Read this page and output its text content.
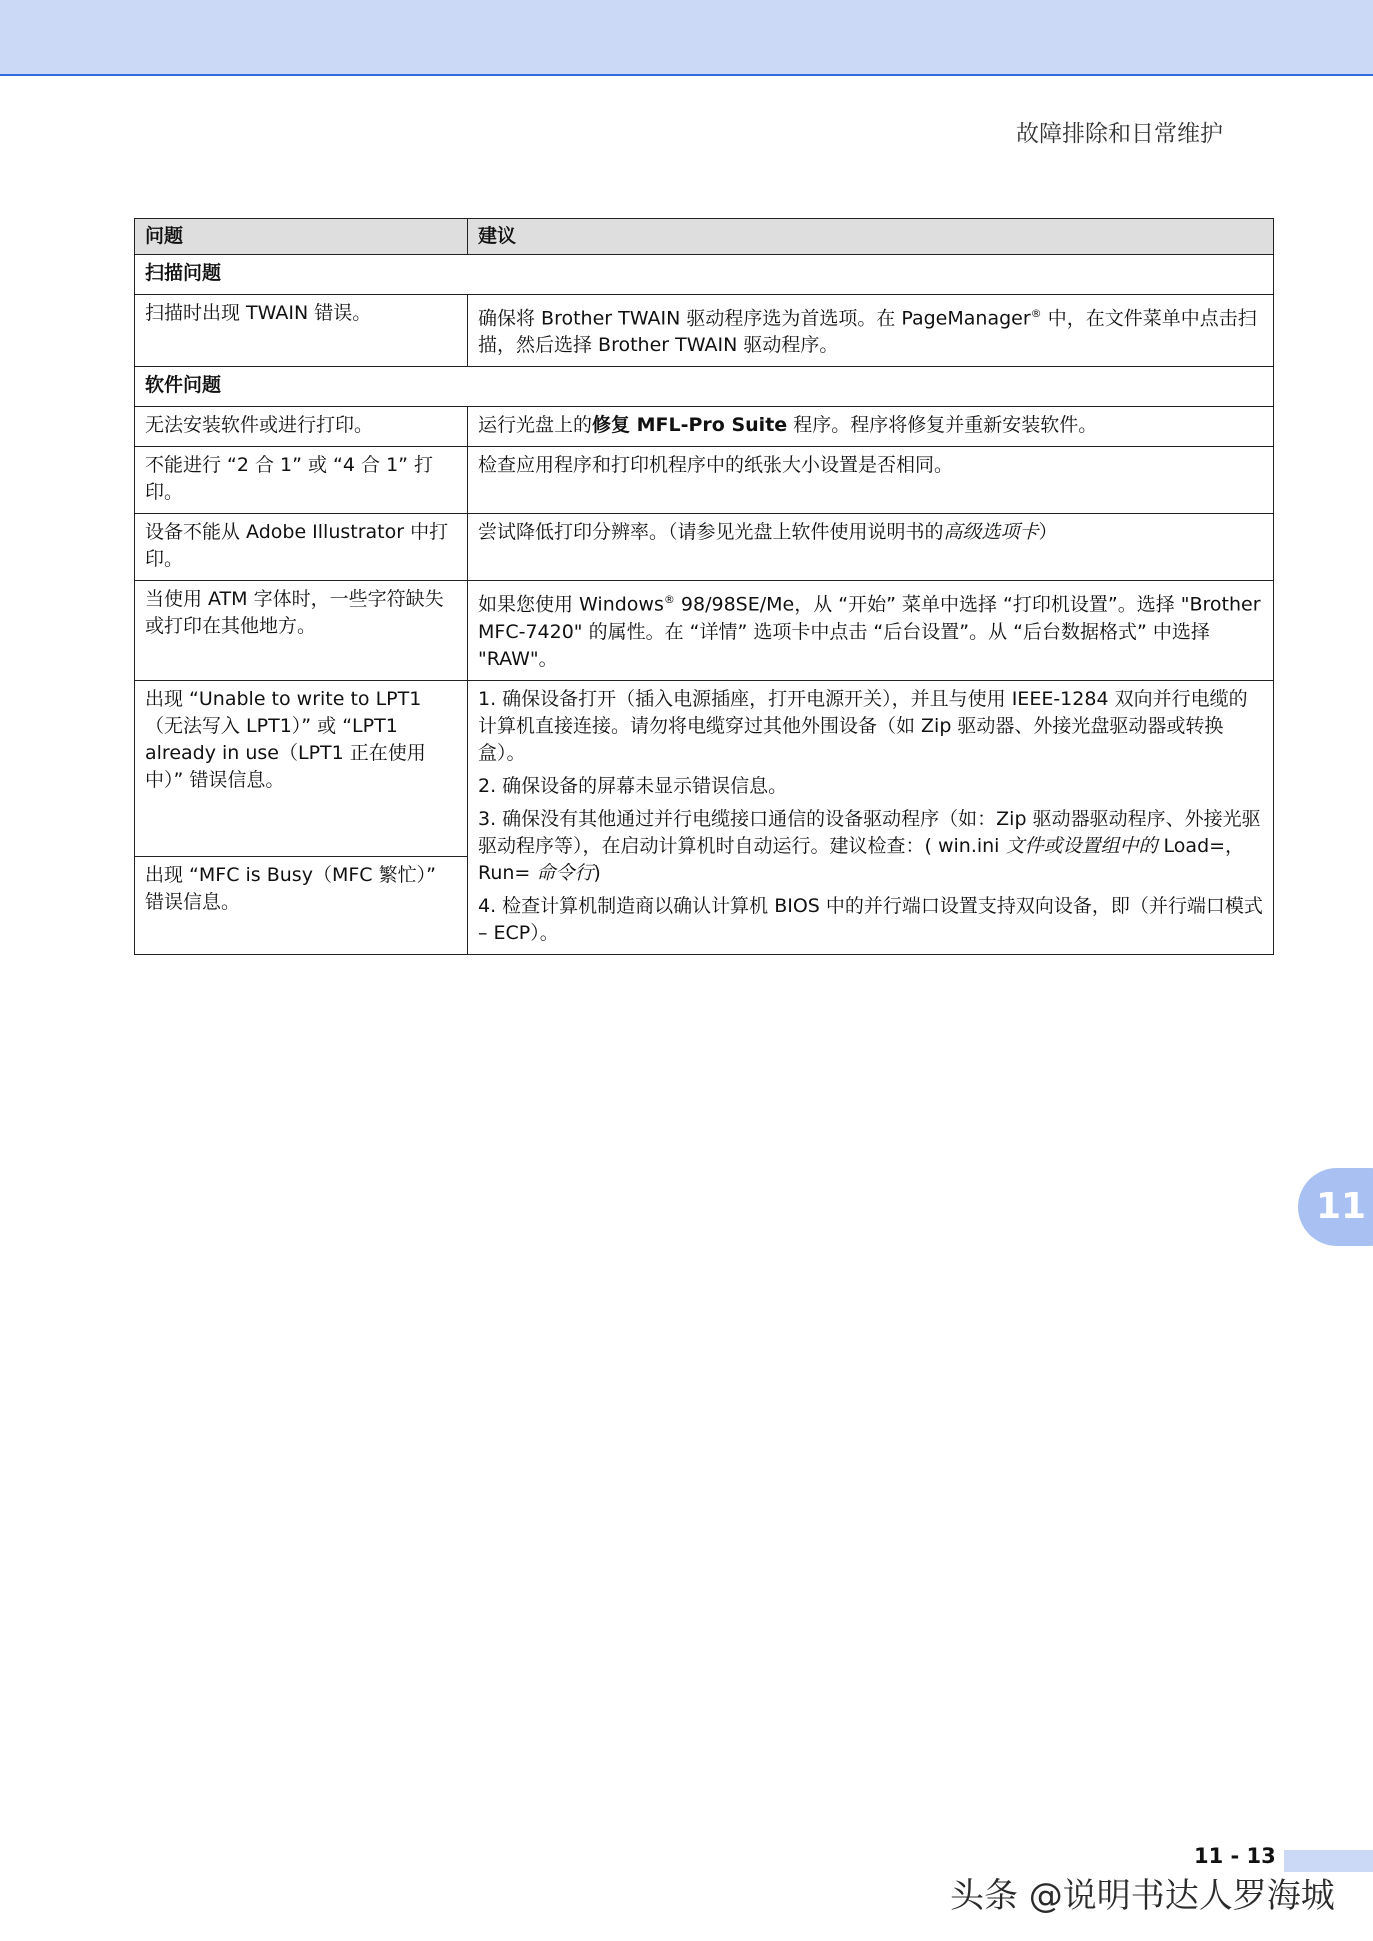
故障排除和日常维护
问题	建议
扫描问题	
扫描时出现 TWAIN 错误。	确保将 Brother TWAIN 驱动程序选为首选项。在 PageManager® 中，在文件菜单中点击扫描，然后选择 Brother TWAIN 驱动程序。
软件问题	
无法安装软件或进行打印。	运行光盘上的修复 MFL-Pro Suite 程序。程序将修复并重新安装软件。
不能进行 “2 合 1” 或 “4 合 1” 打印。	检查应用程序和打印机程序中的纸张大小设置是否相同。
设备不能从 Adobe Illustrator 中打印。	尝试降低打印分辨率。（请参见光盘上软件使用说明书的高级选项卡）
当使用 ATM 字体时，一些字符缺失或打印在其他地方。	如果您使用 Windows® 98/98SE/Me，从 “开始” 菜单中选择 “打印机设置”。选择 "Brother MFC-7420" 的属性。在 “详情” 选项卡中点击 “后台设置”。从 “后台数据格式” 中选择 "RAW"。
出现 “Unable to write to LPT1（无法写入 LPT1）” 或 “LPT1 already in use（LPT1 正在使用中）” 错误信息。	1. 确保设备打开（插入电源插座，打开电源开关），并且与使用 IEEE-1284 双向并行电缆的计算机直接连接。请勿将电缆穿过其他外围设备（如 Zip 驱动器、外接光盘驱动器或转换盒）。
2. 确保设备的屏幕未显示错误信息。
3. 确保没有其他通过并行电缆接口通信的设备驱动程序（如：Zip 驱动器驱动程序、外接光驱驱动程序等），在启动计算机时自动运行。建议检查：( win.ini 文件或设置组中的 Load=， Run= 命令行)
4. 检查计算机制造商以确认计算机 BIOS 中的并行端口设置支持双向设备，即（并行端口模式 – ECP）。

出现 “MFC is Busy（MFC 繁忙）” 错误信息。	
11
11 - 13
头条 @说明书达人罗海城
